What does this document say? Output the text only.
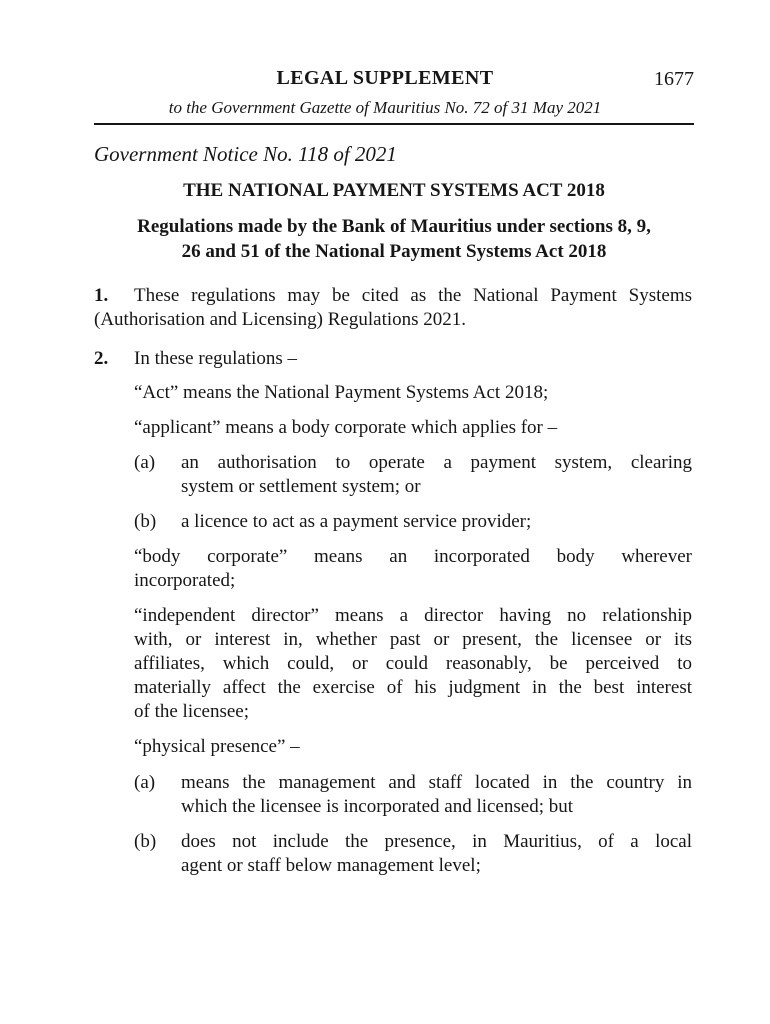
LEGAL SUPPLEMENT	1677
to the Government Gazette of Mauritius No. 72 of 31 May 2021
Government Notice No. 118 of 2021
THE NATIONAL PAYMENT SYSTEMS ACT 2018
Regulations made by the Bank of Mauritius under sections 8, 9,
26 and 51 of the National Payment Systems Act 2018
1. These regulations may be cited as the National Payment Systems
(Authorisation and Licensing) Regulations 2021.
2. In these regulations –
“Act” means the National Payment Systems Act 2018;
“applicant” means a body corporate which applies for –
(a) an authorisation to operate a payment system, clearing
system or settlement system; or
(b) a licence to act as a payment service provider;
“body corporate” means an incorporated body wherever
incorporated;
“independent director” means a director having no relationship
with, or interest in, whether past or present, the licensee or its
affiliates, which could, or could reasonably, be perceived to
materially affect the exercise of his judgment in the best interest
of the licensee;
“physical presence” –
(a) means the management and staff located in the country in
which the licensee is incorporated and licensed; but
(b) does not include the presence, in Mauritius, of a local
agent or staff below management level;
